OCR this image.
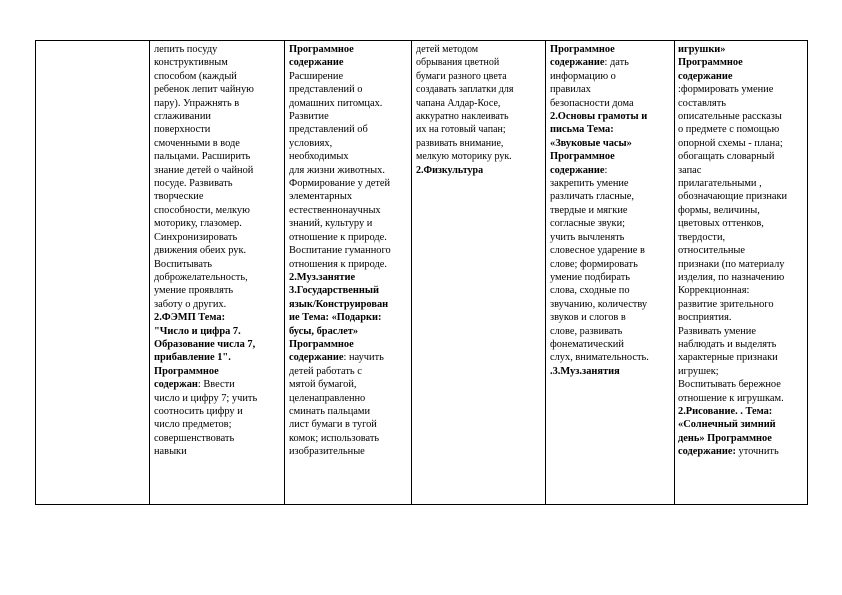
лепить посуду

конструктивным

способом (каждый

ребенок лепит чайную

пару). Упражнять в

сглаживании

поверхности

смоченными в воде

пальцами. Расширить

знание детей о чайной

посуде. Развивать

творческие

способности, мелкую

моторику, глазомер.

Синхронизировать

движения обеих рук.

Воспитывать

доброжелательность,

умение проявлять

заботу о других.

2.ФЭМП Тема:

"Число и цифра 7.

Образование числа 7,

прибавление 1".

Программное

содержан: Ввести

число и цифру 7; учить

соотносить цифру и

число предметов;

совершенствовать

навыки

Программное

содержание

Расширение

представлений о

домашних питомцах.

Развитие

представлений об

условиях,

необходимых

для жизни животных.

Формирование у детей

элементарных

естественнонаучных

знаний, культуру и

отношение к природе.

Воспитание гуманного

отношения к природе.

2.Муз.занятие

3.Государственный

язык/Конструирован

ие Тема: «Подарки:

бусы, браслет»

Программное

содержание: научить

детей работать с

мятой бумагой,

целенаправленно

сминать пальцами

лист бумаги в тугой

комок; использовать

изобразительные

детей методом

обрывания цветной

бумаги разного цвета

создавать заплатки для

чапана Алдар-Косе,

аккуратно наклеивать

их на готовый чапан;

развивать внимание,

мелкую моторику рук.

2.Физкультура

Программное

содержание: дать

информацию о

правилах

безопасности дома

2.Основы грамоты и

письма Тема:

«Звуковые часы»

Программное

содержание:

закрепить умение

различать гласные,

твердые и мягкие

согласные звуки;

учить вычленять

словесное ударение в

слове; формировать

умение подбирать

слова, сходные по

звучанию, количеству

звуков и слогов в

слове, развивать

фонематический

слух, внимательность.

.3.Муз.занятия

игрушки»

Программное

содержание

:формировать умение

составлять

описательные рассказы

о предмете с помощью

опорной схемы - плана;

обогащать словарный

запас

прилагательными ,

обозначающие признаки

формы, величины,

цветовых оттенков,

твердости,

относительные

признаки (по материалу

изделия, по назначению

Коррекционная:

развитие зрительного

восприятия.

Развивать умение

наблюдать и выделять

характерные признаки

игрушек;

Воспитывать бережное

отношение к игрушкам.

2.Рисование. . Тема:

«Солнечный зимний

день» Программное

содержание: уточнить
